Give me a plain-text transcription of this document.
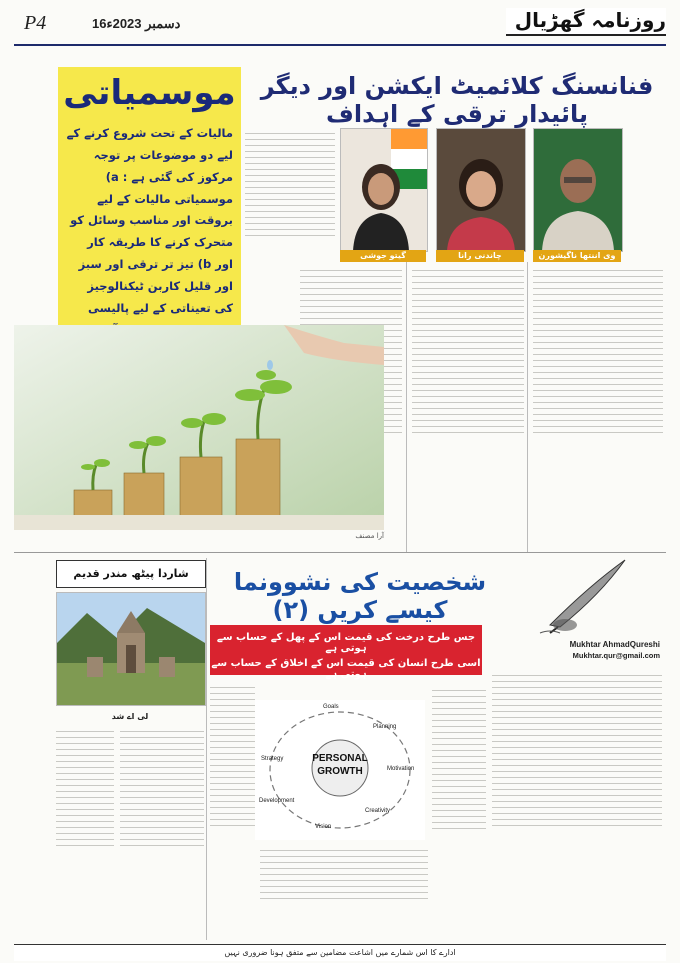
P4	16دسمبر 2023ء	روزنامہ گھڑیال
موسمیاتی
مالیات کے تحت شروع کرنے کے لیے دو موضوعات پر توجہ مرکوز کی گئی ہے : a) موسمیاتی مالیات کے لیے بروقت اور مناسب وسائل کو متحرک کرنے کا طریقہ کار اور b) تیز تر ترقی اور سبز اور قلیل کاربن ٹیکنالوجیز کی تعیناتی کے لیے پالیسی
فنانسنگ کلائمیٹ ایکشن اور دیگر پائیدار ترقی کے اہداف
گیتو جوشی	چاندنی رانا	وی اننتھا ناگیشورن
آرا مصنف
شخصیت کی نشوونما کیسے کریں (۲)
Mukhtar AhmadQureshi
Mukhtar.qur@gmail.com
جس طرح درخت کی قیمت اس کے پھل کے حساب سے ہوتی ہے
اسی طرح انسان کی قیمت اس کے اخلاق کے حساب سے ہوتی ہے
PERSONAL GROWTH
Goals
Planning
Motivation
Creativity
Vision
Development
Strategy
شاردا پیٹھ مندر قدیم
لی اے شد
ادارے کا اس شمارے میں اشاعت مضامین سے متفق ہونا ضروری نہیں
